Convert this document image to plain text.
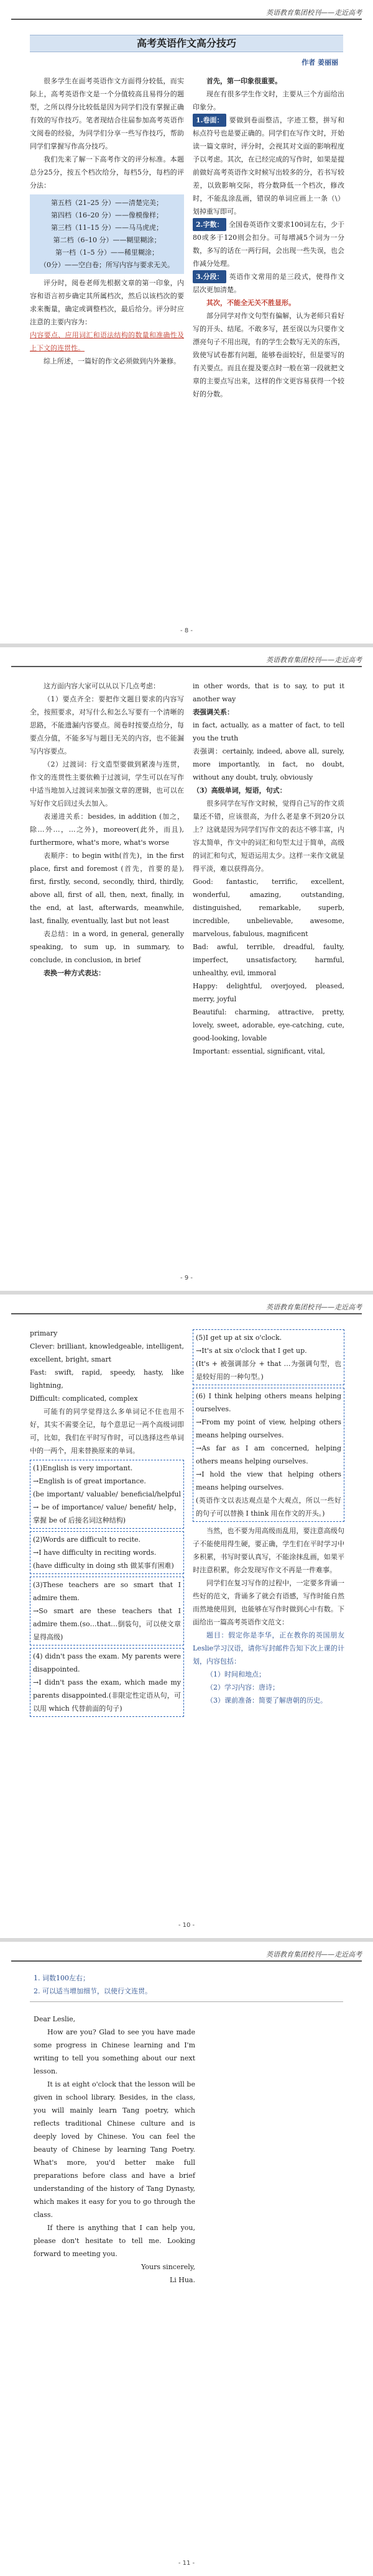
英语教育集团校刊——走近高考
高考英语作文高分技巧
作者 姜丽丽

很多学生在面考英语作文方面得分较低，而实际上，高考英语作文是一个分值较高且易得分的题型，之所以得分比较低是因为同学们没有掌握正确有效的写作技巧。笔者现结合往届参加高考英语作文阅卷的经验，为同学们分享一些写作技巧，帮助同学们掌握写作高分技巧。

我们先来了解一下高考作文的评分标准。本题总分25分，按五个档次给分，每档5分，每档的评分法：

第五档（21–25 分）——清楚完美；
第四档（16–20 分）——像模像样；
第三档（11–15 分）——马马虎虎；
第二档（6–10 分）——糊里糊涂；
第一档（1–5 分）——稀里糊涂；
（0分）——空白卷；所写内容与要求无关。

评分时，阅卷老师先根据文章的第一印象，内容和语言初步确定其所属档次，然后以该档次的要求来衡量，确定或调整档次，最后给分。评分时应注意的主要内容为：

内容要点、应用词汇和语法结构的数量和准确性及上下文的连贯性。

综上所述，一篇好的作文必须做到内外兼修。

首先，第一印象很重要。

现在有很多学生作文时，主要从三个方面给出印象分。

1.卷面： 要做到卷面整洁，字迹工整，拼写和标点符号也是要正确的。同学们在写作文时，开始读一篇文章时，评分时，会视其对文面的影响程度予以考虑。其次，在已经完成的写作时，如果是提前做好高考英语作文时候写出较多的分，若书写较差，以致影响交际，将分数降低一个档次，修改时，不能乱涂乱画，错误的单词应画上一条（\）划掉重写即可。

2.字数： 全国卷英语作文要求100词左右，少于80或多于120则会扣分。可每增减5个词为一分数，多写的话在一两行间，会出现一些失误，也会作减分处理。

3.分段： 英语作文常用的是三段式，使得作文层次更加清楚。

其次，不能全无关不胜显形。

部分同学对作文句型有偏解，认为老师只看好写的开头、结尾。不敢多写，甚至误以为只要作文漂亮句子不用出现，有的学生会数写无关的东西，致使写试卷都有问题，能够卷面较好，但是要写的有关要点。而且在提及要点时一般在第一段就把文章的主要点写出来，这样的作文更容易获得一个较好的分数。

- 8 -
英语教育集团校刊——走近高考

这方面内容大家可以从以下几点考虑：

（1）要点齐全：要把作文题目要求的内容写全，按照要求，对写什么和怎么写要有一个清晰的思路，不能遗漏内容要点。阅卷时按要点给分，每要点分值，不能多写与题目无关的内容，也不能漏写内容要点。

（2）过渡词：行文造型要做到紧凑与连贯，作文的连贯性主要依赖于过渡词，学生可以在写作中适当地加入过渡词来加强文章的逻辑，也可以在写好作文后回过头去加入。

表递进关系：besides, in addition (加之，除…外…，…之外)，moreover(此外，而且), furthermore, what's more, what's worse

表顺序：to begin with(首先)，in the first place, first and foremost (首先，首要的是), first, firstly, second, secondly, third, thirdly, above all, first of all, then, next, finally, in the end, at last, afterwards, meanwhile, last, finally, eventually, last but not least

表总结：in a word, in general, generally speaking, to sum up, in summary, to conclude, in conclusion, in brief

表换一种方式表达：

in other words, that is to say, to put it another way

表强调关系：

in fact, actually, as a matter of fact, to tell you the truth

表强调：certainly, indeed, above all, surely, more importantly, in fact, no doubt, without any doubt, truly, obviously

（3）高级单词，短语，句式：

很多同学在写作文时候，觉得自己写的作文质量还不错，应该很高，为什么老是拿不到20分以上？这就是因为同学们写作文的表达不够丰富，内容太简单，作文中的词汇和句型太过于简单，高级的词汇和句式，短语运用太少。这样一来作文就显得平淡，难以获得高分。

Good: fantastic, terrific, excellent, wonderful, amazing, outstanding, distinguished, remarkable, superb, incredible, unbelievable, awesome, marvelous, fabulous, magnificent

Bad: awful, terrible, dreadful, faulty, imperfect, unsatisfactory, harmful, unhealthy, evil, immoral

Happy: delightful, overjoyed, pleased, merry, joyful

Beautiful: charming, attractive, pretty, lovely, sweet, adorable, eye-catching, cute, good-looking, lovable

Important: essential, significant, vital,

- 9 -
英语教育集团校刊——走近高考

primary

Clever: brilliant, knowledgeable, intelligent, excellent, bright, smart

Fast: swift, rapid, speedy, hasty, like lightning,

Difficult: complicated, complex

可能有的同学觉得这么多单词记不住也用不好，其实不需要全记，每个意思记一两个高级词即可，比如，我们在平时写作时，可以选择这些单词中的一两个，用来替换原来的单词。

(1)English is very important.

→English is of great importance.

(be important/ valuable/ beneficial/helpful → be of importance/ value/ benefit/ help，掌握 be of 后接名词这种结构)

(2)Words are difficult to recite.

→I have difficulty in reciting words.

(have difficulty in doing sth 做某事有困难)

(3)These teachers are so smart that I admire them.

→So smart are these teachers that I admire them.(so…that…倒装句，可以使文章显得高级)

(4) didn't pass the exam. My parents were disappointed.

→I didn't pass the exam, which made my parents disappointed.(非限定性定语从句，可以用 which 代替前面的句子)

(5)I get up at six o'clock.

→It's at six o'clock that I get up.

(It's + 被强调部分 + that …为强调句型，也是较好用的一种句型。)

(6) I think helping others means helping ourselves.

→From my point of view, helping others means helping ourselves.

→As far as I am concerned, helping others means helping ourselves.

→I hold the view that helping others means helping ourselves.

(英语作文以表达观点是个大观点，所以一些好的句子可以替换 I think 用在作文的开头。)

当然，也不要为用高级而乱用，要注意高级句子不能使用得生硬，要正确，学生们在平时学习中多积累，书写时要认真写，不能涂抹乱画，如果平时注意积累，你会发现写作文不再是一件难事。

同学们在复习写作的过程中，一定要多背诵一些好的范文，背诵多了就会有语感，写作时能自然而然地使用到，也能够在写作时做到心中有数。下面给出一篇高考英语作文范文：

题目：假定你是李华，正在教你的英国朋友Leslie学习汉语，请你写封邮件告知下次上课的计划，内容包括：

（1）时间和地点；

（2）学习内容：唐诗；

（3）课前准备：简要了解唐朝的历史。

- 10 -
英语教育集团校刊——走近高考

1. 词数100左右；

2. 可以适当增加细节，以使行文连贯。

Dear Leslie,

How are you? Glad to see you have made some progress in Chinese learning and I'm writing to tell you something about our next lesson.

It is at eight o'clock that the lesson will be given in school library. Besides, in the class, you will mainly learn Tang poetry, which reflects traditional Chinese culture and is deeply loved by Chinese. You can feel the beauty of Chinese by learning Tang Poetry. What's more, you'd better make full preparations before class and have a brief understanding of the history of Tang Dynasty, which makes it easy for you to go through the class.

If there is anything that I can help you, please don't hesitate to tell me. Looking forward to meeting you.

Yours sincerely,

Li Hua.

- 11 -
